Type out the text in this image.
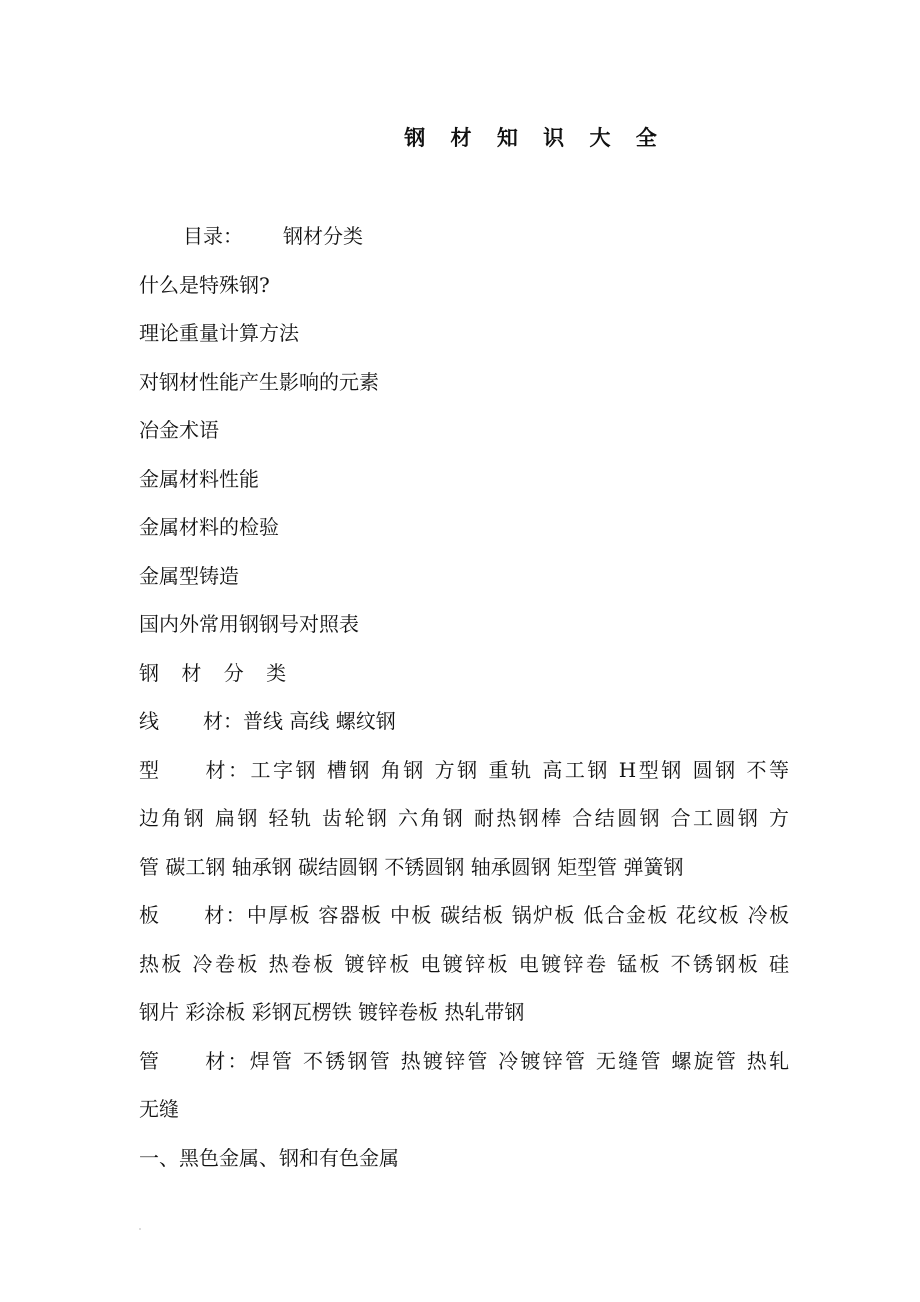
钢 材 知 识 大 全
目录： 钢材分类
什么是特殊钢?
理论重量计算方法
对钢材性能产生影响的元素
冶金术语
金属材料性能
金属材料的检验
金属型铸造
国内外常用钢钢号对照表
钢 材 分 类
线 材：普线 高线 螺纹钢
型 材：工字钢 槽钢 角钢 方钢 重轨 高工钢 H型钢 圆钢 不等
边角钢 扁钢 轻轨 齿轮钢 六角钢 耐热钢棒 合结圆钢 合工圆钢 方
管 碳工钢 轴承钢 碳结圆钢 不锈圆钢 轴承圆钢 矩型管 弹簧钢
板 材：中厚板 容器板 中板 碳结板 锅炉板 低合金板 花纹板 冷板
热板 冷卷板 热卷板 镀锌板 电镀锌板 电镀锌卷 锰板 不锈钢板 硅
钢片 彩涂板 彩钢瓦楞铁 镀锌卷板 热轧带钢
管 材：焊管 不锈钢管 热镀锌管 冷镀锌管 无缝管 螺旋管 热轧
无缝
一、黑色金属、钢和有色金属
